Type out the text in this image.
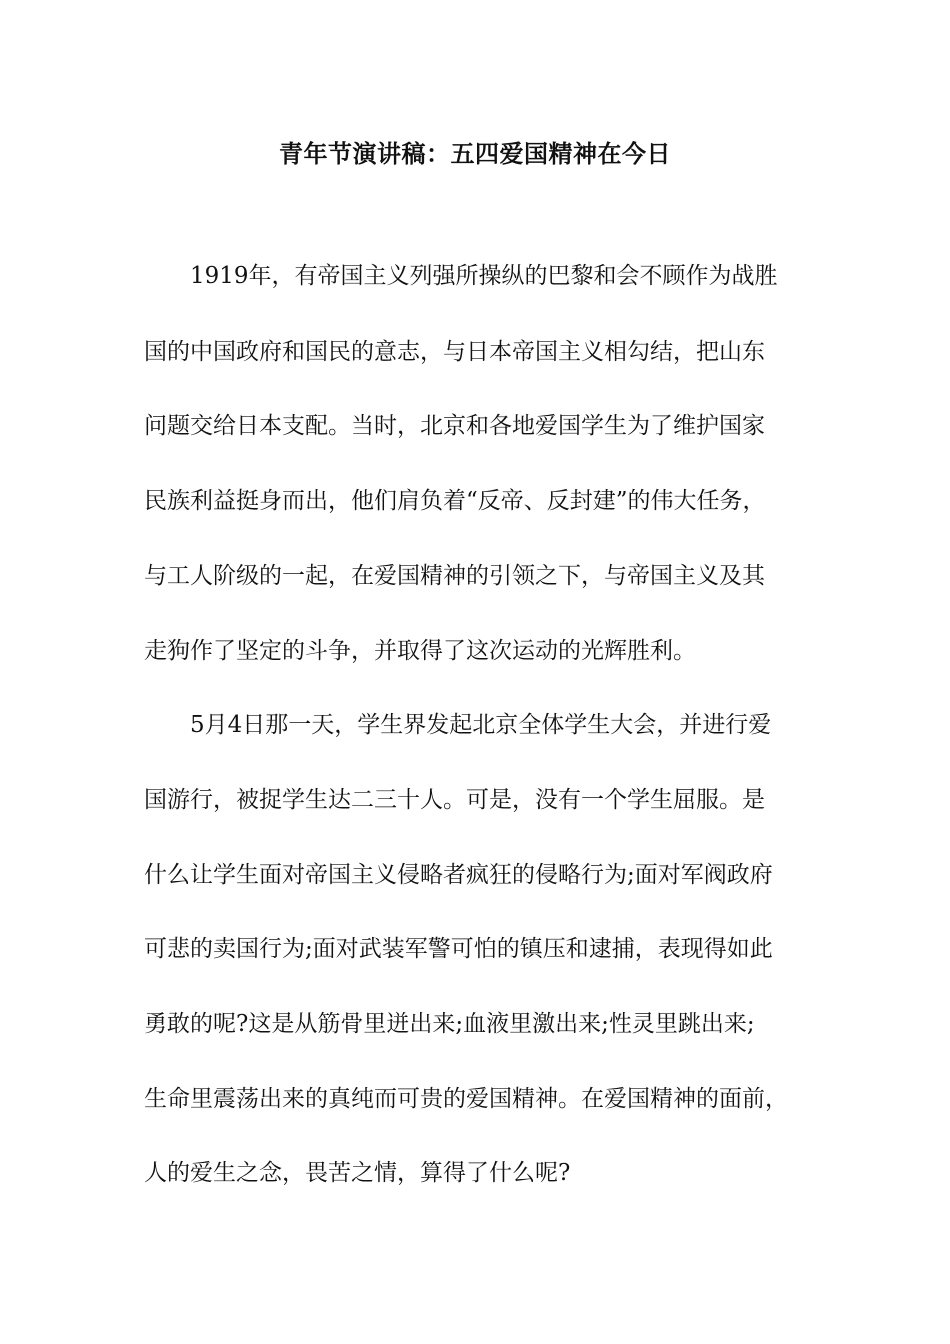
青年节演讲稿：五四爱国精神在今日
1919年，有帝国主义列强所操纵的巴黎和会不顾作为战胜
国的中国政府和国民的意志，与日本帝国主义相勾结，把山东
问题交给日本支配。当时，北京和各地爱国学生为了维护国家
民族利益挺身而出，他们肩负着“反帝、反封建”的伟大任务，
与工人阶级的一起，在爱国精神的引领之下，与帝国主义及其
走狗作了坚定的斗争，并取得了这次运动的光辉胜利。
5月4日那一天，学生界发起北京全体学生大会，并进行爱
国游行，被捉学生达二三十人。可是，没有一个学生屈服。是
什么让学生面对帝国主义侵略者疯狂的侵略行为;面对军阀政府
可悲的卖国行为;面对武装军警可怕的镇压和逮捕，表现得如此
勇敢的呢?这是从筋骨里迸出来;血液里激出来;性灵里跳出来;
生命里震荡出来的真纯而可贵的爱国精神。在爱国精神的面前，
人的爱生之念，畏苦之情，算得了什么呢?
